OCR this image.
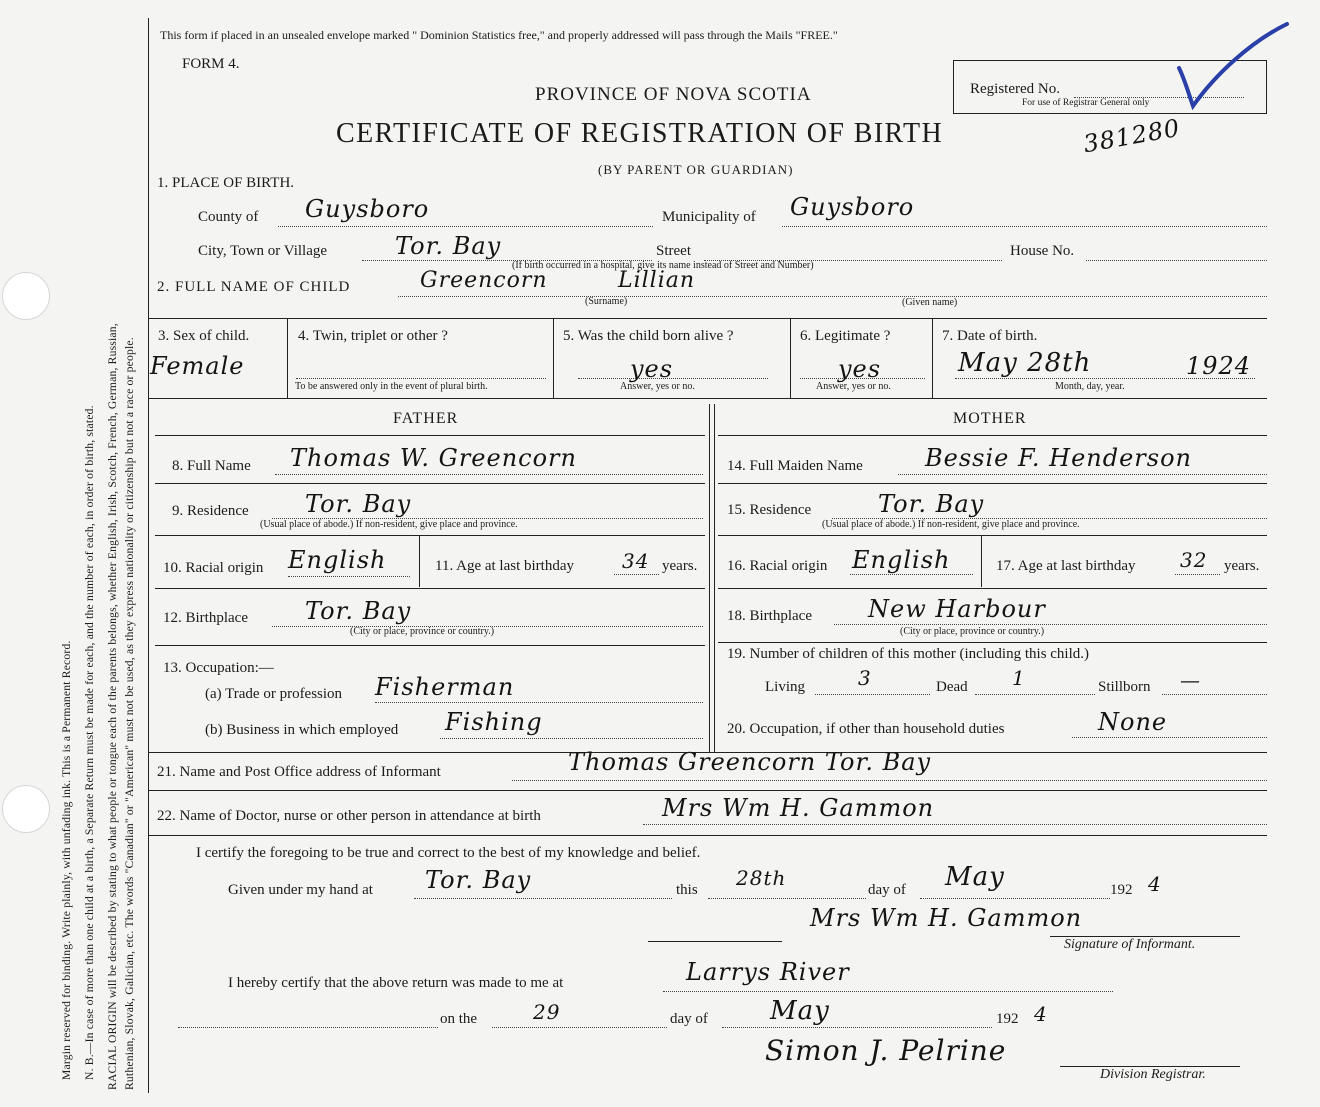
Margin reserved for binding. Write plainly, with unfading ink. This is a Permanent Record. N. B.—In case of more than one child at a birth, a Separate Return must be made for each, and the number of each, in order of birth, stated. RACIAL ORIGIN will be described by stating to what people or tongue each of the parents belongs, whether English, Irish, Scotch, French, German, Russian, Ruthenian, Slovak, Galician, etc. The words "Canadian" or "American" must not be used, as they express nationality or citizenship but not a race or people.
This form if placed in an unsealed envelope marked " Dominion Statistics free," and properly addressed will pass through the Mails "FREE."
FORM 4.
PROVINCE OF NOVA SCOTIA
CERTIFICATE OF REGISTRATION OF BIRTH
(BY PARENT OR GUARDIAN)
381280
Registered No.
For use of Registrar General only
1. PLACE OF BIRTH.
County of Guysboro	Municipality of Guysboro
City, Town or Village	Tor. Bay	Street	House No.
(If birth occurred in a hospital, give its name instead of Street and Number)
2. FULL NAME OF CHILD	Greencorn	Lillian
(Surname)	(Given name)
3. Sex of child.
Female
4. Twin, triplet or other ?
To be answered only in the event of plural birth.
5. Was the child born alive ?
yes
Answer, yes or no.
6. Legitimate ?
yes
Answer, yes or no.
7. Date of birth.
May 28th	1924
Month, day, year.
FATHER	MOTHER
8. Full Name Thomas W. Greencorn
9. Residence Tor. Bay
(Usual place of abode.) If non-resident, give place and province.
10. Racial origin English	11. Age at last birthday 34 years.
12. Birthplace Tor. Bay
(City or place, province or country.)
13. Occupation:—
(a) Trade or profession Fisherman
(b) Business in which employed Fishing
14. Full Maiden Name	Bessie F. Henderson
15. Residence	Tor. Bay
(Usual place of abode.) If non-resident, give place and province.
16. Racial origin English	17. Age at last birthday 32 years.
18. Birthplace New Harbour
(City or place, province or country.)
19. Number of children of this mother (including this child.)
Living	3	Dead 1	Stillborn —
20. Occupation, if other than household duties	None
21. Name and Post Office address of Informant	Thomas Greencorn Tor. Bay
22. Name of Doctor, nurse or other person in attendance at birth	Mrs Wm H. Gammon
I certify the foregoing to be true and correct to the best of my knowledge and belief.
Given under my hand at Tor. Bay	this 28th	day of May	192 4
Mrs Wm H. Gammon
Signature of Informant.
I hereby certify that the above return was made to me at	Larrys River
on the	29	day of May	192 4
Simon J. Pelrine
Division Registrar.
